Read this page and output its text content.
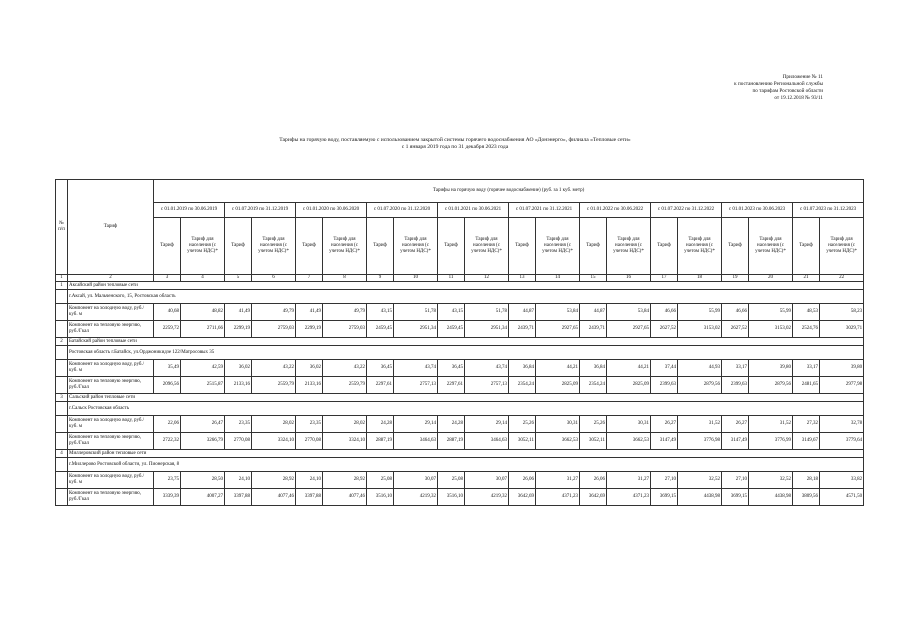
Приложение № 11
к постановлению Региональной службы
по тарифам Ростовской области
от 19.12.2018 № 93/11
Тарифы на горячую воду, поставляемую с использованием закрытой системы горячего водоснабжения АО «Донэнерго», филиала «Тепловые сети»
с 1 января 2019 года по 31 декабря 2023 года
№ п/п	Тариф	Тарифы на горячую воду (горячее водоснабжение) (руб. за 1 куб. метр)																			
		с 01.01.2019 по 30.06.2019		с 01.07.2019 по 31.12.2019		с 01.01.2020 по 30.06.2020		с 01.07.2020 по 31.12.2020		с 01.01.2021 по 30.06.2021		с 01.07.2021 по 31.12.2021		с 01.01.2022 по 30.06.2022		с 01.07.2022 по 31.12.2022		с 01.01.2023 по 30.06.2023		с 01.07.2023 по 31.12.2023	
		Тариф	Тариф для населения (с учетом НДС)*	Тариф	Тариф для населения (с учетом НДС)*	Тариф	Тариф для населения (с учетом НДС)*	Тариф	Тариф для населения (с учетом НДС)*	Тариф	Тариф для населения (с учетом НДС)*	Тариф	Тариф для населения (с учетом НДС)*	Тариф	Тариф для населения (с учетом НДС)*	Тариф	Тариф для населения (с учетом НДС)*	Тариф	Тариф для населения (с учетом НДС)*	Тариф	Тариф для населения (с учетом НДС)*
1	2	3	4	5	6	7	8	9	10	11	12	13	14	15	16	17	18	19	20	21	22
1	Аксайский район тепловые сети																				
	г.Аксай, ул. Мальченского, 15, Ростовская область																				
	Компонент на холодную воду, руб./куб. м	40,68	48,82	41,49	49,79	41,49	49,79	43,15	51,78	43,15	51,78	44,87	53,84	44,87	53,84	46,66	55,99	46,66	55,99	48,53	58,23
	Компонент на тепловую энергию, руб./Гкал	2259,72	2711,66	2299,19	2759,03	2299,19	2759,03	2459,45	2951,34	2459,45	2951,34	2439,71	2927,65	2439,71	2927,65	2627,52	3153,02	2627,52	3153,02	2524,76	3029,71
2	Батайский район тепловые сети																				
	Ростовская область г.Батайск, ул.Орджоникидзе 122/Матросовых 35																				
	Компонент на холодную воду, руб./куб. м	35,49	42,59	36,02	43,22	36,02	43,22	36,45	43,74	36,45	43,74	36,84	44,21	36,84	44,21	37,44	44,93	33,17	39,80	33,17	39,80
	Компонент на тепловую энергию, руб./Гкал	2096,56	2515,87	2133,16	2559,79	2133,16	2559,79	2297,61	2757,13	2297,61	2757,13	2354,24	2825,09	2354,24	2825,09	2399,63	2879,56	2399,63	2879,56	2481,65	2977,98
3	Сальский район тепловые сети																				
	г.Сальск Ростовская область																				
	Компонент на холодную воду, руб./куб. м	22,06	26,47	23,35	28,02	23,35	28,02	24,28	29,14	24,28	29,14	25,26	30,31	25,26	30,31	26,27	31,52	26,27	31,52	27,32	32,78
	Компонент на тепловую энергию, руб./Гкал	2722,32	3266,79	2770,08	3324,10	2770,08	3324,10	2887,19	3464,63	2887,19	3464,63	3052,11	3662,53	3052,11	3662,53	3147,49	3776,98	3147,49	3776,99	3149,67	3779,64
4	Миллеровский район тепловые сети																				
	г.Миллерово Ростовской области, ул. Пионерская, 8																				
	Компонент на холодную воду, руб./куб. м	23,75	28,50	24,10	28,92	24,10	28,92	25,08	30,07	25,08	30,07	26,06	31,27	26,06	31,27	27,10	32,52	27,10	32,52	28,18	33,82
	Компонент на тепловую энергию, руб./Гкал	3339,39	4007,27	3397,88	4077,46	3397,88	4077,46	3516,10	4219,32	3516,10	4219,32	3642,69	4371,23	3642,69	4371,23	3699,15	4438,98	3699,15	4438,98	3809,56	4571,50
